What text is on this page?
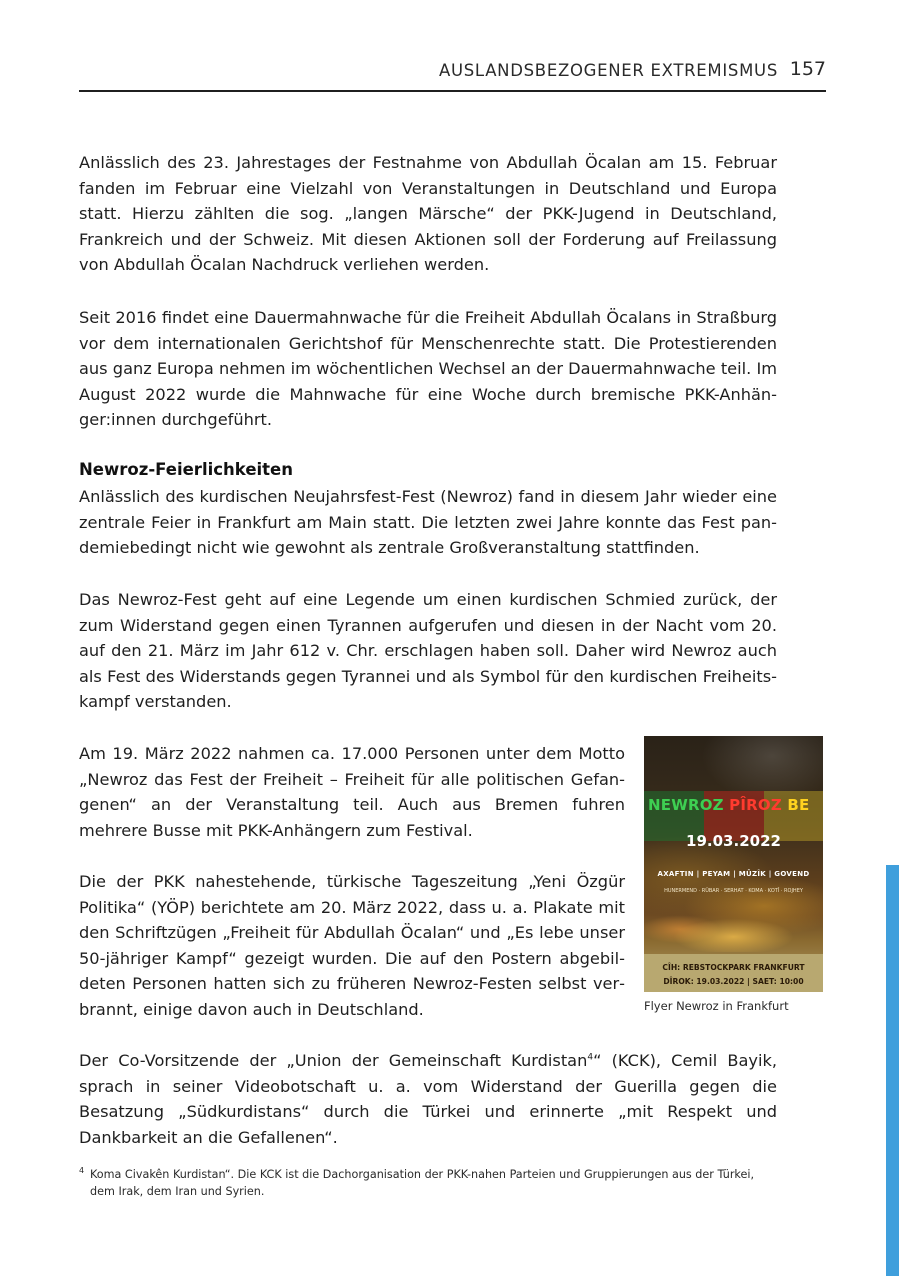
AUSLANDSBEZOGENER EXTREMISMUS 157

Anlässlich des 23. Jahrestages der Festnahme von Abdullah Öcalan am 15. Februar fanden im Februar eine Vielzahl von Veranstaltungen in Deutschland und Europa statt. Hierzu zählten die sog. „langen Märsche“ der PKK-Jugend in Deutschland, Frankreich und der Schweiz. Mit diesen Aktionen soll der Forderung auf Freilassung von Abdullah Öcalan Nachdruck verliehen werden.

Seit 2016 findet eine Dauermahnwache für die Freiheit Abdullah Öcalans in Straßburg vor dem internationalen Gerichtshof für Menschenrechte statt. Die Protestierenden aus ganz Europa nehmen im wöchentlichen Wechsel an der Dauermahnwache teil. Im August 2022 wurde die Mahnwache für eine Woche durch bremische PKK-Anhänger:innen durchgeführt.

Newroz-Feierlichkeiten

Anlässlich des kurdischen Neujahrsfest-Fest (Newroz) fand in diesem Jahr wieder eine zentrale Feier in Frankfurt am Main statt. Die letzten zwei Jahre konnte das Fest pandemiebedingt nicht wie gewohnt als zentrale Großveranstaltung stattfinden.

Das Newroz-Fest geht auf eine Legende um einen kurdischen Schmied zurück, der zum Widerstand gegen einen Tyrannen aufgerufen und diesen in der Nacht vom 20. auf den 21. März im Jahr 612 v. Chr. erschlagen haben soll. Daher wird Newroz auch als Fest des Widerstands gegen Tyrannei und als Symbol für den kurdischen Freiheitskampf verstanden.

Am 19. März 2022 nahmen ca. 17.000 Personen unter dem Motto „Newroz das Fest der Freiheit – Freiheit für alle politischen Gefangenen“ an der Veranstaltung teil. Auch aus Bremen fuhren mehrere Busse mit PKK-Anhängern zum Festival.

Die der PKK nahestehende, türkische Tageszeitung „Yeni Özgür Politika“ (YÖP) berichtete am 20. März 2022, dass u. a. Plakate mit den Schriftzügen „Freiheit für Abdullah Öcalan“ und „Es lebe unser 50-jähriger Kampf“ gezeigt wurden. Die auf den Postern abgebildeten Personen hatten sich zu früheren Newroz-Festen selbst verbrannt, einige davon auch in Deutschland.

NEWROZ PÎROZ BE
19.03.2022
AXAFTIN | PEYAM | MÛZÎK | GOVEND
HUNERMEND · RÛBAR · SERHAT · KOMA · KOTÎ · ROJHEY
CÎH: REBSTOCKPARK FRANKFURT
DÎROK: 19.03.2022 | SAET: 10:00
Flyer Newroz in Frankfurt

Der Co-Vorsitzende der „Union der Gemeinschaft Kurdistan$^4$“ (KCK), Cemil Bayik, sprach in seiner Videobotschaft u. a. vom Widerstand der Guerilla gegen die Besatzung „Südkurdistans“ durch die Türkei und erinnerte „mit Respekt und Dankbarkeit an die Gefallenen“.

4 Koma Civakên Kurdistan“. Die KCK ist die Dachorganisation der PKK-nahen Parteien und Gruppierungen aus der Türkei,
dem Irak, dem Iran und Syrien.
